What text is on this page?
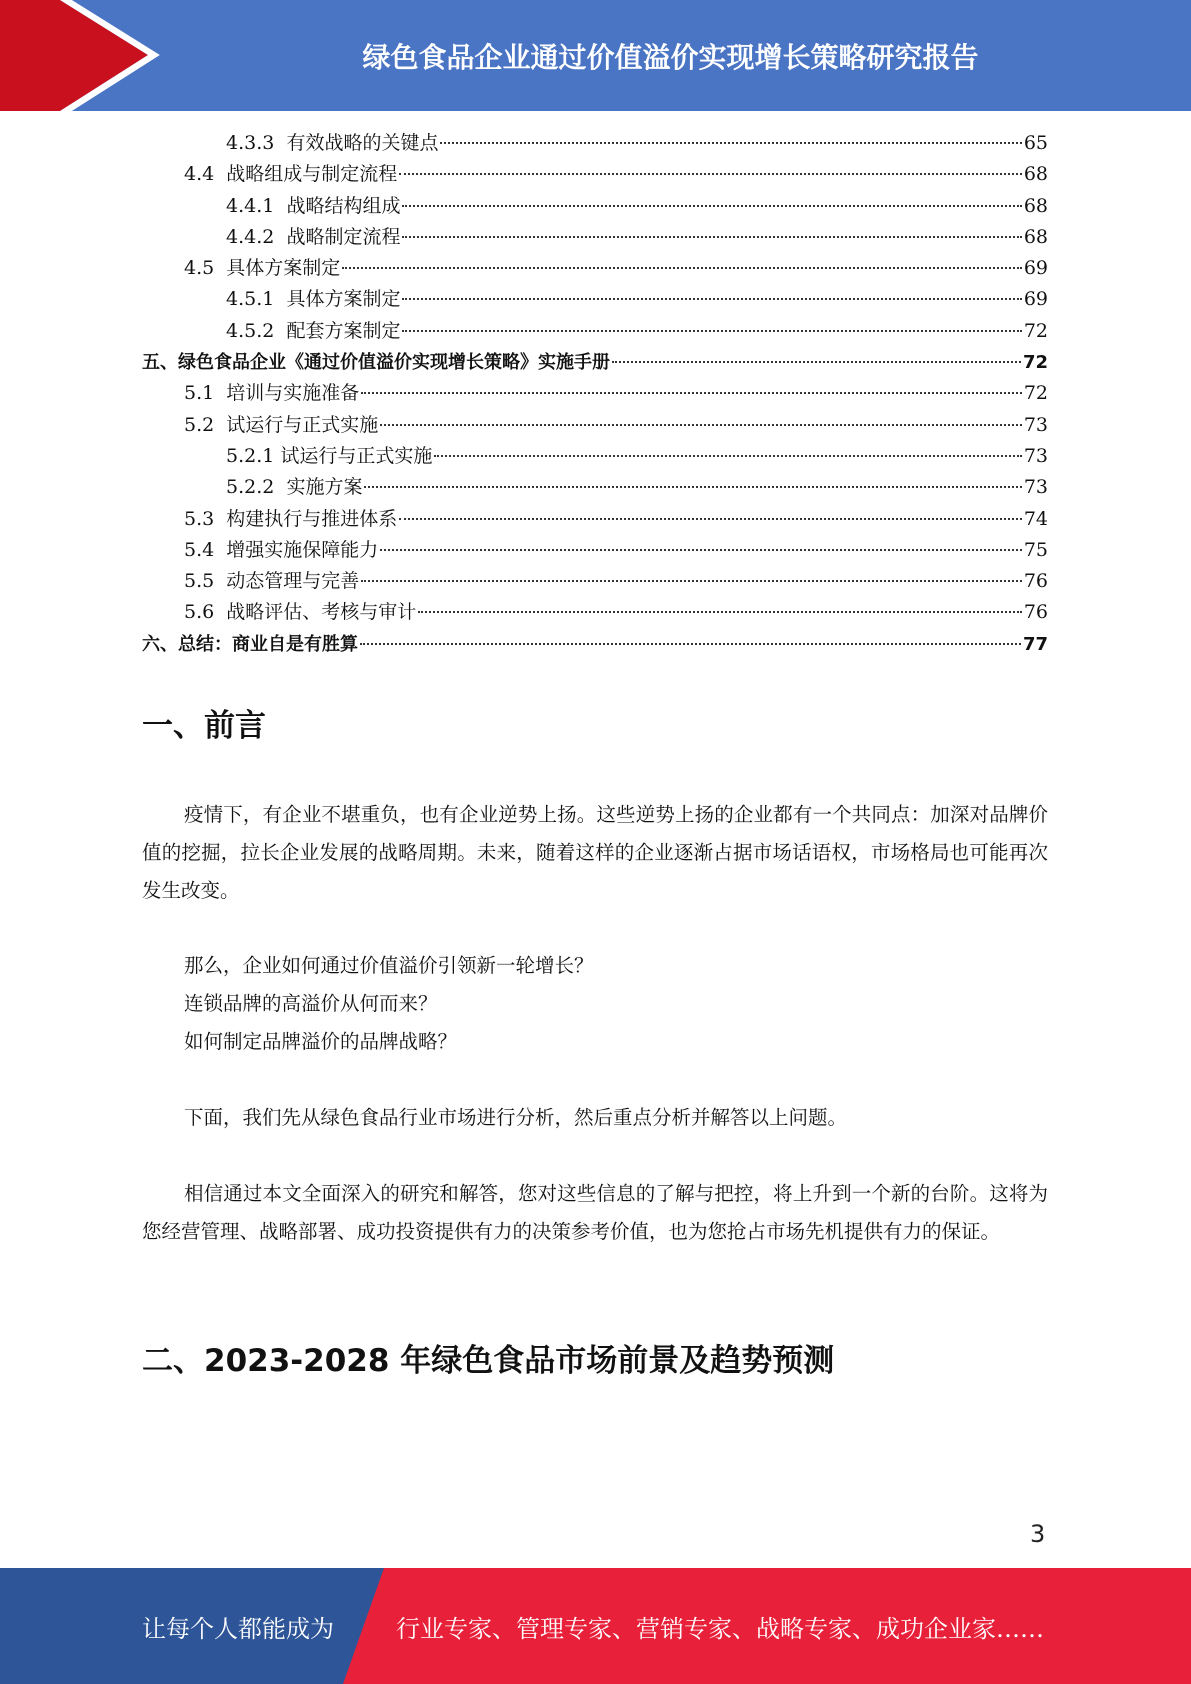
绿色食品企业通过价值溢价实现增长策略研究报告
4.3.3 有效战略的关键点	65
4.4 战略组成与制定流程	68
4.4.1 战略结构组成	68
4.4.2 战略制定流程	68
4.5 具体方案制定	69
4.5.1 具体方案制定	69
4.5.2 配套方案制定	72
五、绿色食品企业《通过价值溢价实现增长策略》实施手册	72
5.1 培训与实施准备	72
5.2 试运行与正式实施	73
5.2.1 试运行与正式实施	73
5.2.2 实施方案	73
5.3 构建执行与推进体系	74
5.4 增强实施保障能力	75
5.5 动态管理与完善	76
5.6 战略评估、考核与审计	76
六、总结：商业自是有胜算	77
一、前言

疫情下，有企业不堪重负，也有企业逆势上扬。这些逆势上扬的企业都有一个共同点：加深对品牌价值的挖掘，拉长企业发展的战略周期。未来，随着这样的企业逐渐占据市场话语权，市场格局也可能再次发生改变。

那么，企业如何通过价值溢价引领新一轮增长？

连锁品牌的高溢价从何而来？

如何制定品牌溢价的品牌战略？

下面，我们先从绿色食品行业市场进行分析，然后重点分析并解答以上问题。

相信通过本文全面深入的研究和解答，您对这些信息的了解与把控，将上升到一个新的台阶。这将为您经营管理、战略部署、成功投资提供有力的决策参考价值，也为您抢占市场先机提供有力的保证。

二、2023-2028 年绿色食品市场前景及趋势预测
3
让每个人都能成为	行业专家、管理专家、营销专家、战略专家、成功企业家……
